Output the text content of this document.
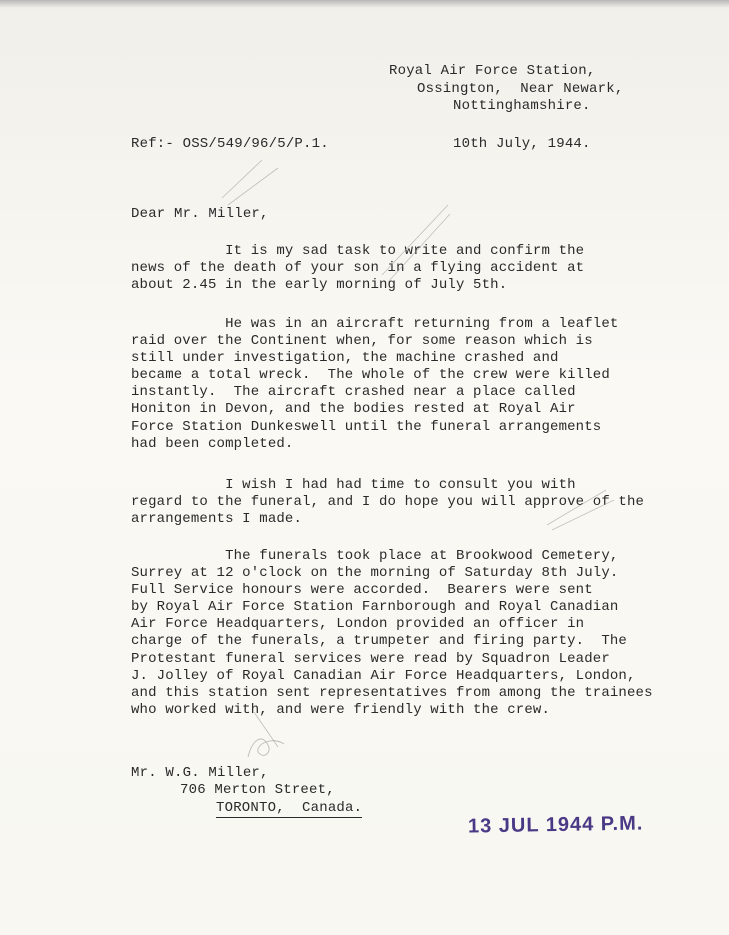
Royal Air Force Station,
Ossington,  Near Newark,
Nottinghamshire.
Ref:- OSS/549/96/5/P.1.	10th July, 1944.
Dear Mr. Miller,
It is my sad task to write and confirm the
news of the death of your son in a flying accident at
about 2.45 in the early morning of July 5th.
He was in an aircraft returning from a leaflet
raid over the Continent when, for some reason which is
still under investigation, the machine crashed and
became a total wreck.  The whole of the crew were killed
instantly.  The aircraft crashed near a place called
Honiton in Devon, and the bodies rested at Royal Air
Force Station Dunkeswell until the funeral arrangements
had been completed.
I wish I had had time to consult you with
regard to the funeral, and I do hope you will approve of the
arrangements I made.
The funerals took place at Brookwood Cemetery,
Surrey at 12 o'clock on the morning of Saturday 8th July.
Full Service honours were accorded.  Bearers were sent
by Royal Air Force Station Farnborough and Royal Canadian
Air Force Headquarters, London provided an officer in
charge of the funerals, a trumpeter and firing party.  The
Protestant funeral services were read by Squadron Leader
J. Jolley of Royal Canadian Air Force Headquarters, London,
and this station sent representatives from among the trainees
who worked with, and were friendly with the crew.
Mr. W.G. Miller,
706 Merton Street,
TORONTO,  Canada.
13 JUL 1944 P.M.
